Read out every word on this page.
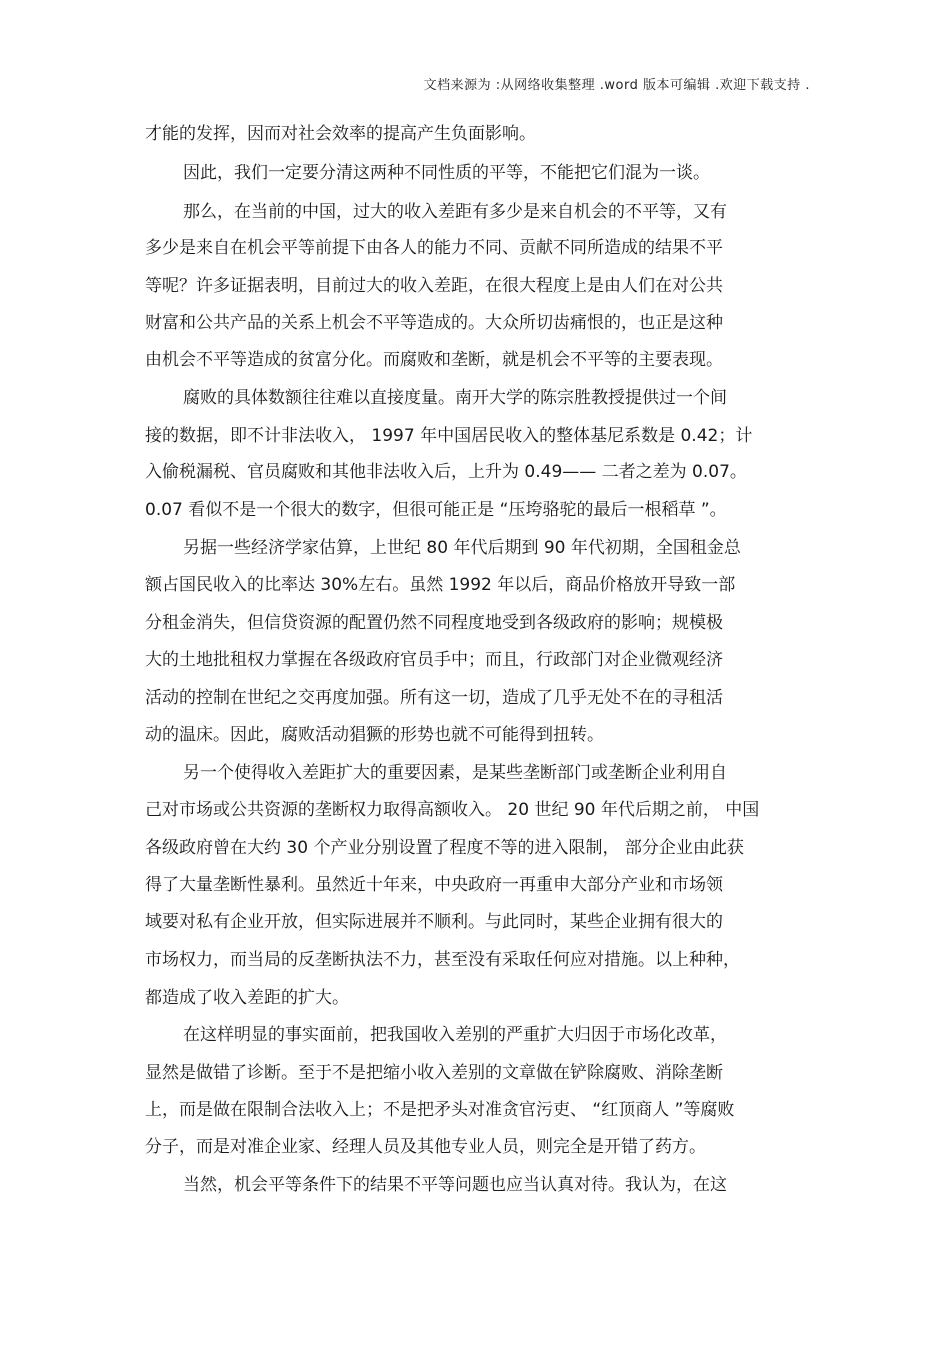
文档来源为 :从网络收集整理 .word 版本可编辑 .欢迎下载支持 .
才能的发挥，因而对社会效率的提高产生负面影响。
因此，我们一定要分清这两种不同性质的平等，不能把它们混为一谈。
那么，在当前的中国，过大的收入差距有多少是来自机会的不平等，又有
多少是来自在机会平等前提下由各人的能力不同、贡献不同所造成的结果不平
等呢？许多证据表明，目前过大的收入差距，在很大程度上是由人们在对公共
财富和公共产品的关系上机会不平等造成的。大众所切齿痛恨的，也正是这种
由机会不平等造成的贫富分化。而腐败和垄断，就是机会不平等的主要表现。
腐败的具体数额往往难以直接度量。南开大学的陈宗胜教授提供过一个间
接的数据，即不计非法收入， 1997 年中国居民收入的整体基尼系数是 0.42；计
入偷税漏税、官员腐败和其他非法收入后，上升为 0.49—— 二者之差为 0.07。
0.07 看似不是一个很大的数字，但很可能正是 “压垮骆驼的最后一根稻草 ”。
另据一些经济学家估算，上世纪 80 年代后期到 90 年代初期，全国租金总
额占国民收入的比率达 30%左右。虽然 1992 年以后，商品价格放开导致一部
分租金消失，但信贷资源的配置仍然不同程度地受到各级政府的影响；规模极
大的土地批租权力掌握在各级政府官员手中；而且，行政部门对企业微观经济
活动的控制在世纪之交再度加强。所有这一切，造成了几乎无处不在的寻租活
动的温床。因此，腐败活动猖獗的形势也就不可能得到扭转。
另一个使得收入差距扩大的重要因素，是某些垄断部门或垄断企业利用自
己对市场或公共资源的垄断权力取得高额收入。 20 世纪 90 年代后期之前， 中国
各级政府曾在大约 30 个产业分别设置了程度不等的进入限制， 部分企业由此获
得了大量垄断性暴利。虽然近十年来，中央政府一再重申大部分产业和市场领
域要对私有企业开放，但实际进展并不顺利。与此同时，某些企业拥有很大的
市场权力，而当局的反垄断执法不力，甚至没有采取任何应对措施。以上种种，
都造成了收入差距的扩大。
在这样明显的事实面前，把我国收入差别的严重扩大归因于市场化改革，
显然是做错了诊断。至于不是把缩小收入差别的文章做在铲除腐败、消除垄断
上，而是做在限制合法收入上；不是把矛头对准贪官污吏、 “红顶商人 ”等腐败
分子，而是对准企业家、经理人员及其他专业人员，则完全是开错了药方。
当然，机会平等条件下的结果不平等问题也应当认真对待。我认为，在这
